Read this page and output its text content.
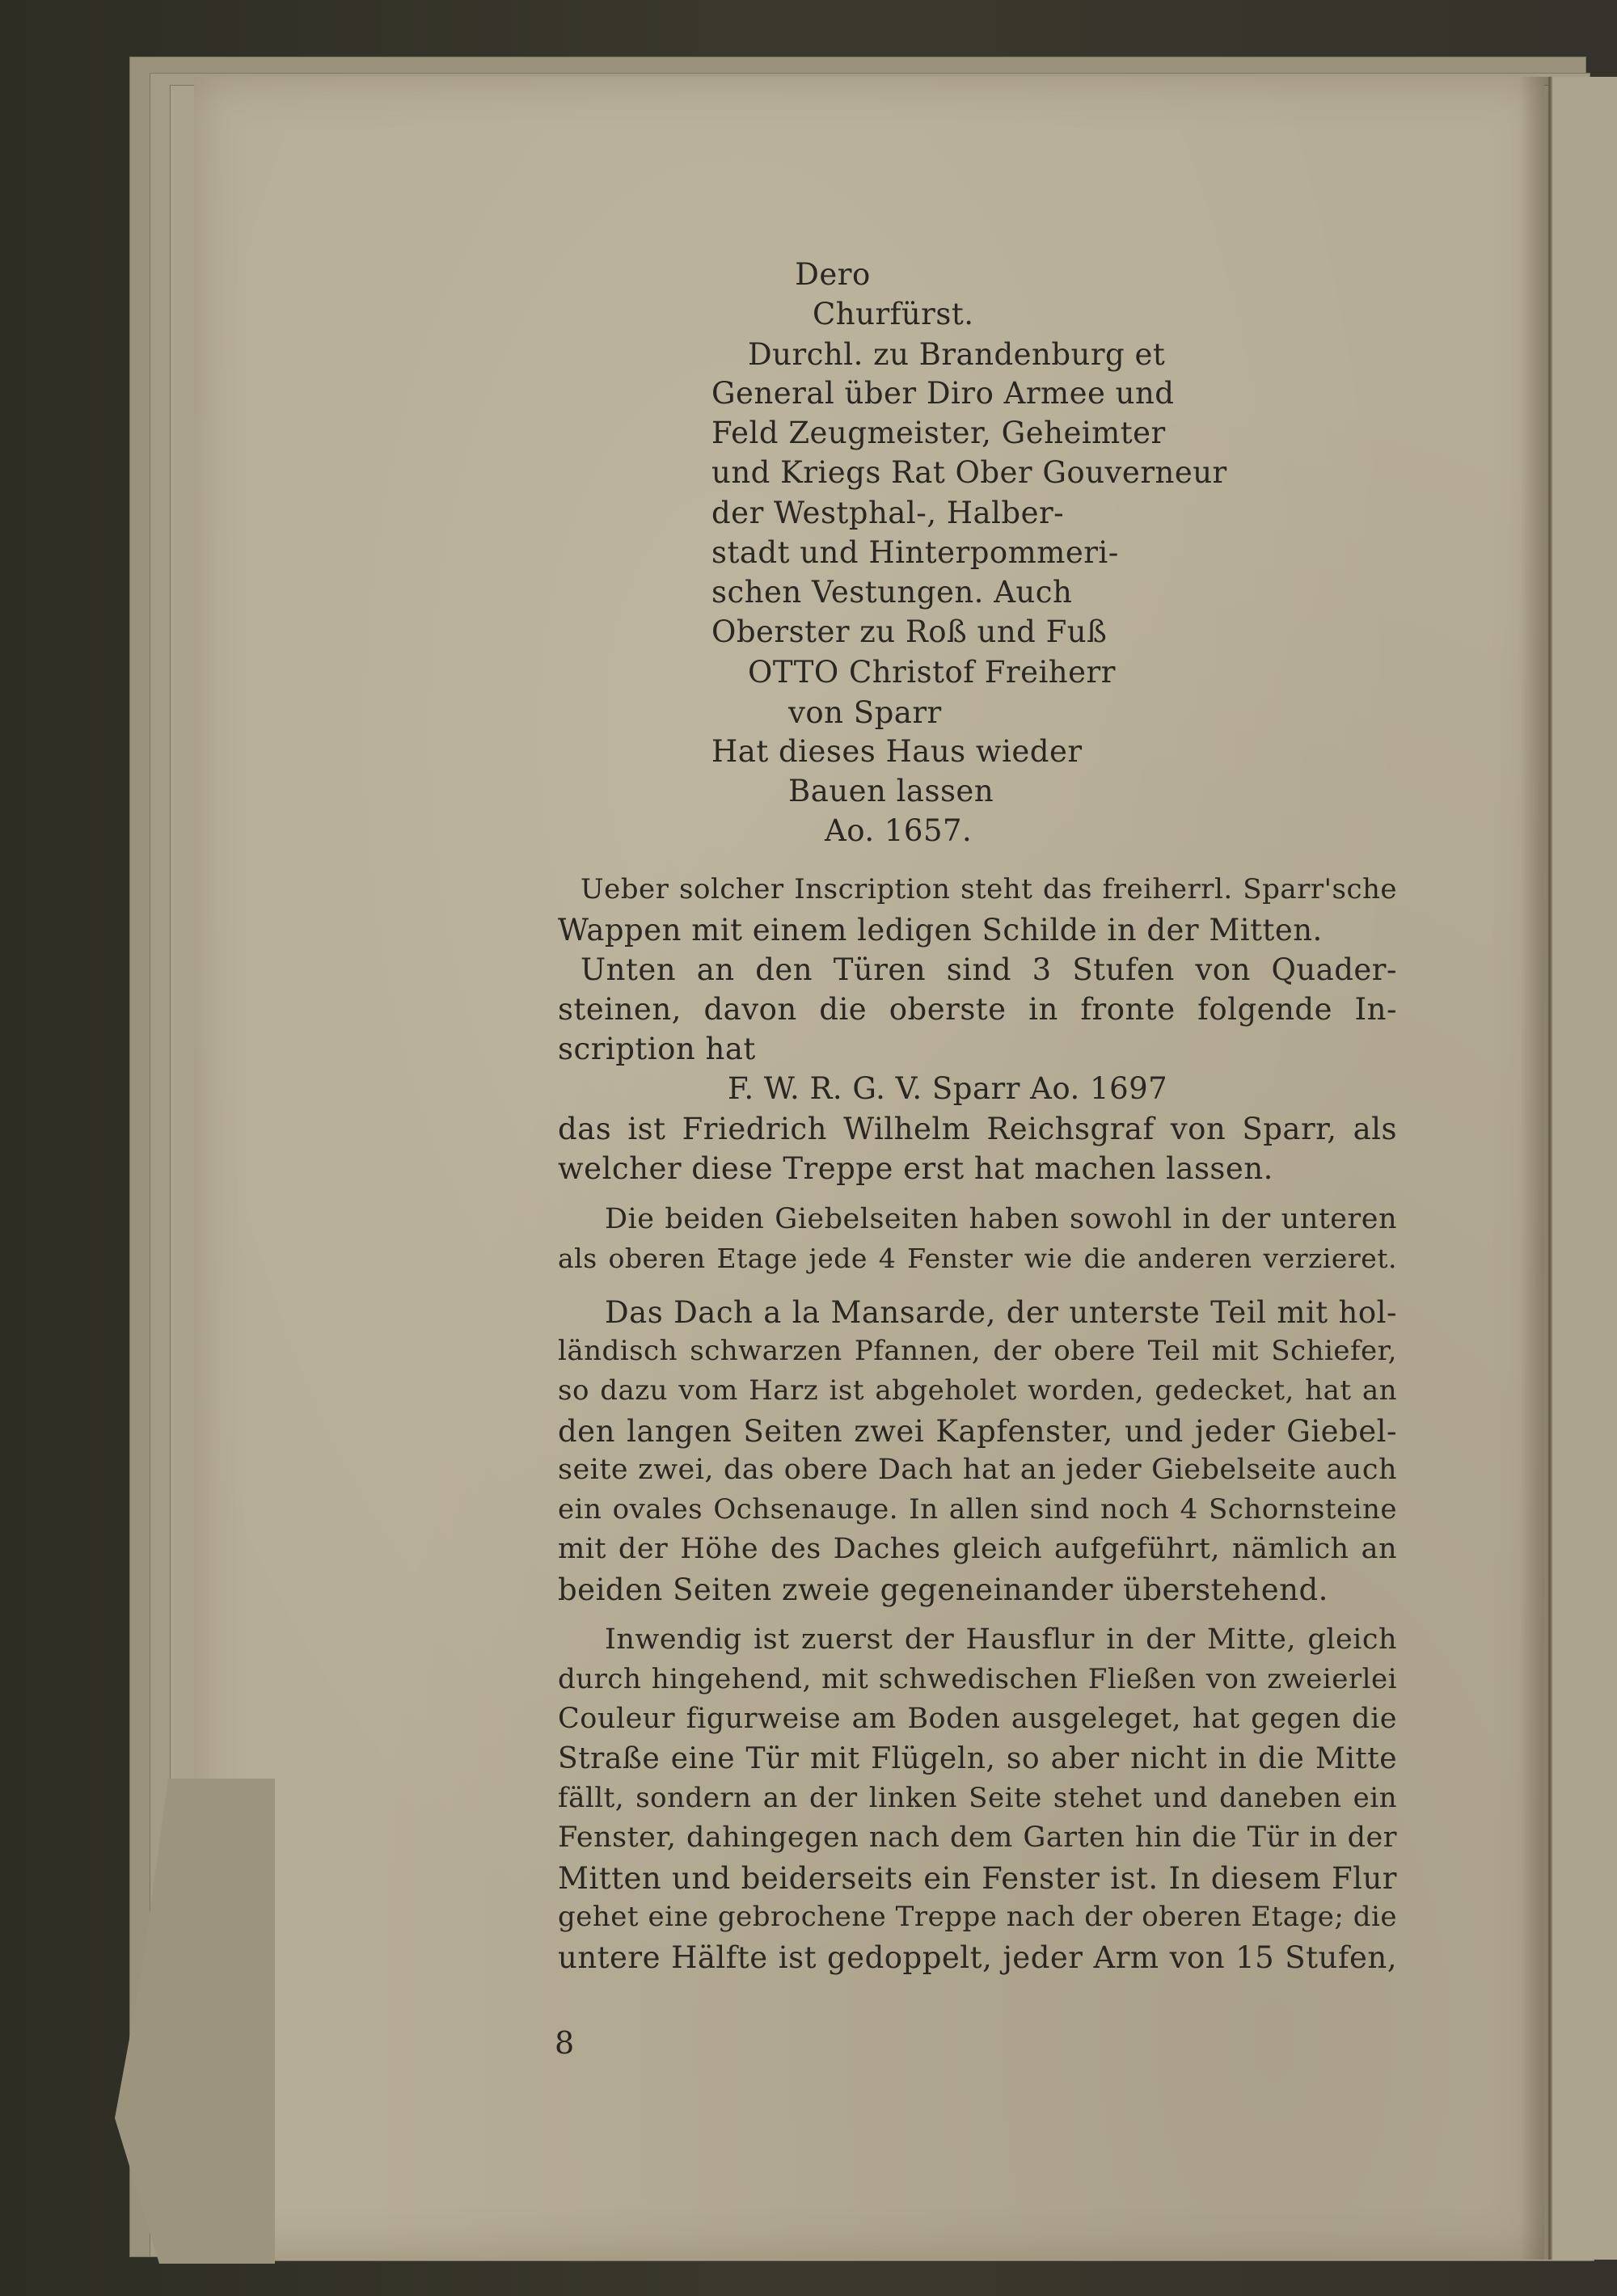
Dero
Churfürst.
Durchl. zu Brandenburg et
General über Diro Armee und
Feld Zeugmeister, Geheimter
und Kriegs Rat Ober Gouverneur
der Westphal-, Halber-
stadt und Hinterpommeri-
schen Vestungen. Auch
Oberster zu Roß und Fuß
OTTO Christof Freiherr
von Sparr
Hat dieses Haus wieder
Bauen lassen
Ao. 1657.
Ueber solcher Inscription steht das freiherrl. Sparr'sche
Wappen mit einem ledigen Schilde in der Mitten.
Unten an den Türen sind 3 Stufen von Quader-
steinen, davon die oberste in fronte folgende In-
scription hat
F. W. R. G. V. Sparr Ao. 1697
das ist Friedrich Wilhelm Reichsgraf von Sparr, als
welcher diese Treppe erst hat machen lassen.
Die beiden Giebelseiten haben sowohl in der unteren
als oberen Etage jede 4 Fenster wie die anderen verzieret.
Das Dach a la Mansarde, der unterste Teil mit hol-
ländisch schwarzen Pfannen, der obere Teil mit Schiefer,
so dazu vom Harz ist abgeholet worden, gedecket, hat an
den langen Seiten zwei Kapfenster, und jeder Giebel-
seite zwei, das obere Dach hat an jeder Giebelseite auch
ein ovales Ochsenauge. In allen sind noch 4 Schornsteine
mit der Höhe des Daches gleich aufgeführt, nämlich an
beiden Seiten zweie gegeneinander überstehend.
Inwendig ist zuerst der Hausflur in der Mitte, gleich
durch hingehend, mit schwedischen Fließen von zweierlei
Couleur figurweise am Boden ausgeleget, hat gegen die
Straße eine Tür mit Flügeln, so aber nicht in die Mitte
fällt, sondern an der linken Seite stehet und daneben ein
Fenster, dahingegen nach dem Garten hin die Tür in der
Mitten und beiderseits ein Fenster ist. In diesem Flur
gehet eine gebrochene Treppe nach der oberen Etage; die
untere Hälfte ist gedoppelt, jeder Arm von 15 Stufen,
8
